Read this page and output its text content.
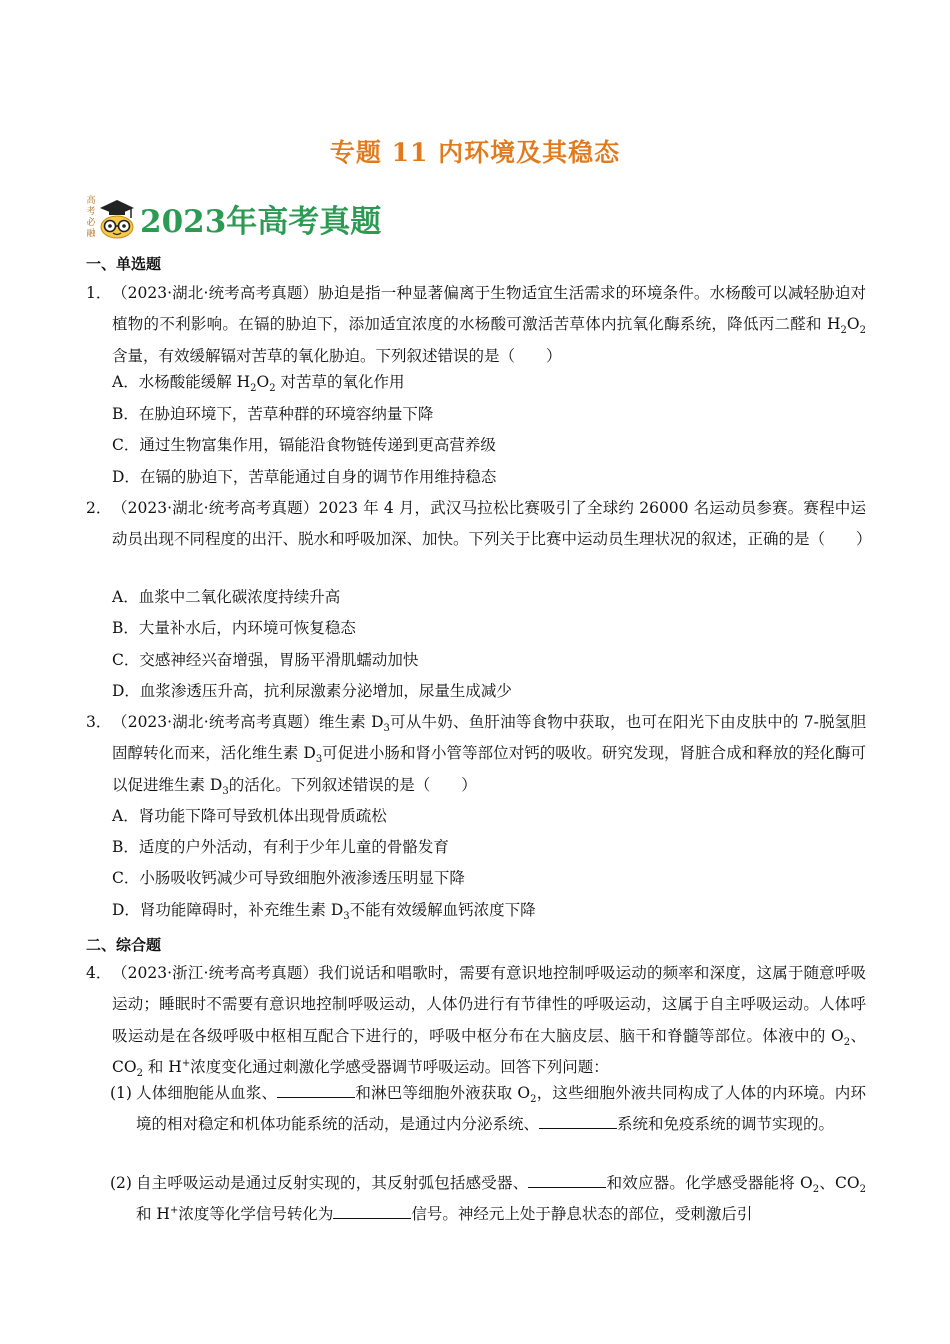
专题 11 内环境及其稳态
高考必融 2023年高考真题
一、单选题
1． （2023·湖北·统考高考真题）胁迫是指一种显著偏离于生物适宜生活需求的环境条件。水杨酸可以减轻胁迫对植物的不利影响。在镉的胁迫下，添加适宜浓度的水杨酸可激活苦草体内抗氧化酶系统，降低丙二醛和 $H_2O_2$ 含量，有效缓解镉对苦草的氧化胁迫。下列叙述错误的是（　　）
A．水杨酸能缓解 $H_2O_2$ 对苦草的氧化作用
B．在胁迫环境下，苦草种群的环境容纳量下降
C．通过生物富集作用，镉能沿食物链传递到更高营养级
D．在镉的胁迫下，苦草能通过自身的调节作用维持稳态
2． （2023·湖北·统考高考真题）2023 年 4 月，武汉马拉松比赛吸引了全球约 26000 名运动员参赛。赛程中运动员出现不同程度的出汗、脱水和呼吸加深、加快。下列关于比赛中运动员生理状况的叙述，正确的是（　　）
A．血浆中二氧化碳浓度持续升高
B．大量补水后，内环境可恢复稳态
C．交感神经兴奋增强，胃肠平滑肌蠕动加快
D．血浆渗透压升高，抗利尿激素分泌增加，尿量生成减少
3． （2023·湖北·统考高考真题）维生素 $D_3$可从牛奶、鱼肝油等食物中获取，也可在阳光下由皮肤中的 7-脱氢胆固醇转化而来，活化维生素 $D_3$可促进小肠和肾小管等部位对钙的吸收。研究发现，肾脏合成和释放的羟化酶可以促进维生素 $D_3$的活化。下列叙述错误的是（　　）
A．肾功能下降可导致机体出现骨质疏松
B．适度的户外活动，有利于少年儿童的骨骼发育
C．小肠吸收钙减少可导致细胞外液渗透压明显下降
D．肾功能障碍时，补充维生素 $D_3$不能有效缓解血钙浓度下降
二、综合题
4． （2023·浙江·统考高考真题）我们说话和唱歌时，需要有意识地控制呼吸运动的频率和深度，这属于随意呼吸运动；睡眠时不需要有意识地控制呼吸运动，人体仍进行有节律性的呼吸运动，这属于自主呼吸运动。人体呼吸运动是在各级呼吸中枢相互配合下进行的，呼吸中枢分布在大脑皮层、脑干和脊髓等部位。体液中的 $O_2$、$CO_2$ 和 H+浓度变化通过刺激化学感受器调节呼吸运动。回答下列问题：
(1) 人体细胞能从血浆、	和淋巴等细胞外液获取 $O_2$，这些细胞外液共同构成了人体的内环境。内环境的相对稳定和机体功能系统的活动，是通过内分泌系统、	系统和免疫系统的调节实现的。
(2) 自主呼吸运动是通过反射实现的，其反射弧包括感受器、	和效应器。化学感受器能将 $O_2$、$CO_2$ 和 H+浓度等化学信号转化为	信号。神经元上处于静息状态的部位，受刺激后引
